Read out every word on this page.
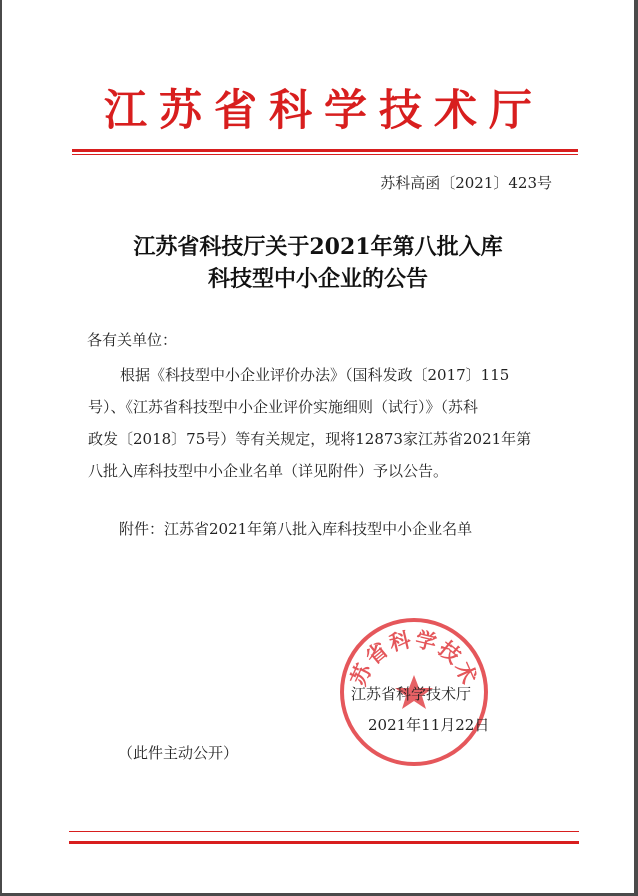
江苏省科学技术厅
苏科高函〔2021〕423号
江苏省科技厅关于2021年第八批入库
科技型中小企业的公告
各有关单位：
根据《科技型中小企业评价办法》（国科发政〔2017〕115
号）、《江苏省科技型中小企业评价实施细则（试行）》（苏科
政发〔2018〕75号）等有关规定，现将12873家江苏省2021年第
八批入库科技型中小企业名单（详见附件）予以公告。
附件：江苏省2021年第八批入库科技型中小企业名单
苏省科学技术
江苏省科学技术厅
2021年11月22日
（此件主动公开）
